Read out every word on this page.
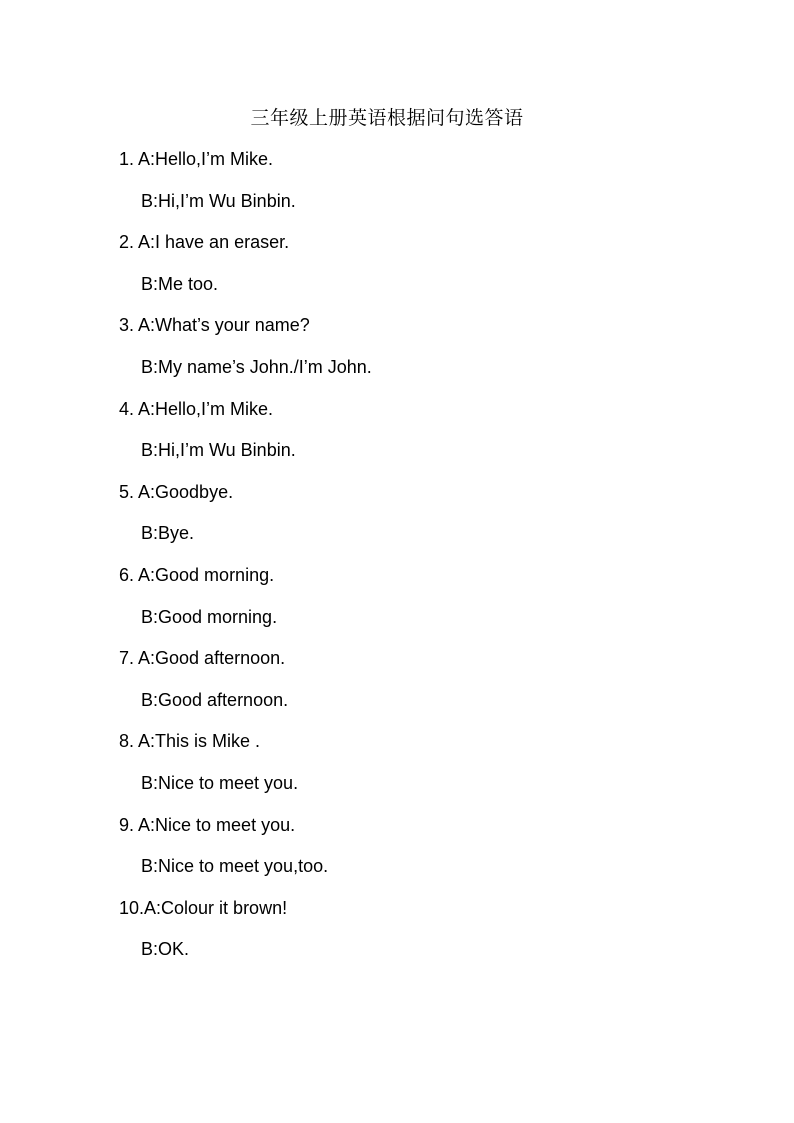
三年级上册英语根据问句选答语
1. A:Hello,I’m Mike.
B:Hi,I’m Wu Binbin.
2. A:I have an eraser.
B:Me too.
3. A:What’s your name?
B:My name’s John./I’m John.
4. A:Hello,I’m Mike.
B:Hi,I’m Wu Binbin.
5. A:Goodbye.
B:Bye.
6. A:Good morning.
B:Good morning.
7. A:Good afternoon.
B:Good afternoon.
8. A:This is Mike .
B:Nice to meet you.
9. A:Nice to meet you.
B:Nice to meet you,too.
10.A:Colour it brown!
B:OK.
